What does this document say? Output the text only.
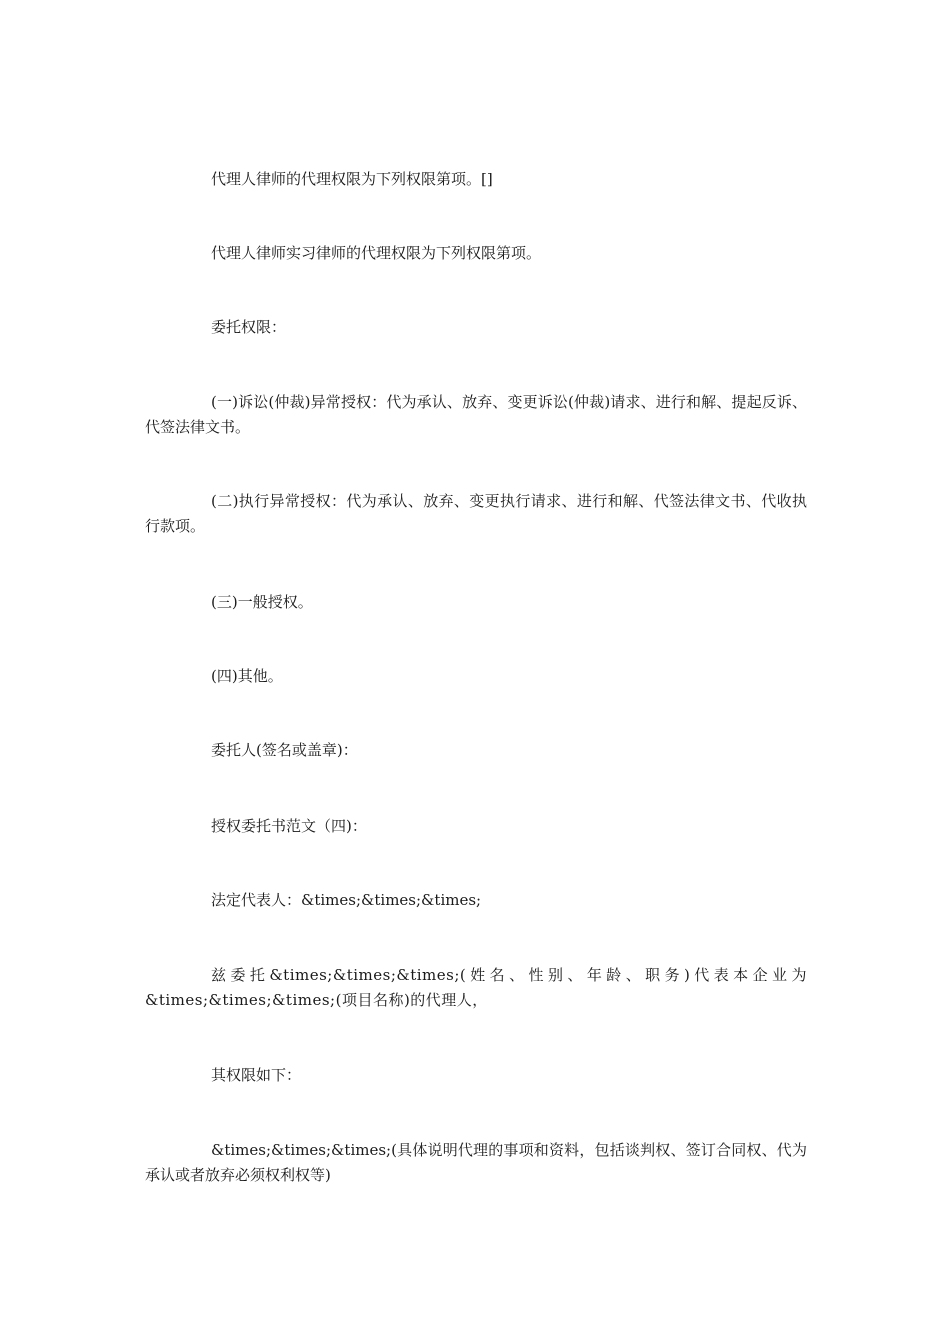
代理人律师的代理权限为下列权限第项。[]

代理人律师实习律师的代理权限为下列权限第项。

委托权限：

(一)诉讼(仲裁)异常授权：代为承认、放弃、变更诉讼(仲裁)请求、进行和解、提起反诉、代签法律文书。

(二)执行异常授权：代为承认、放弃、变更执行请求、进行和解、代签法律文书、代收执行款项。

(三)一般授权。

(四)其他。

委托人(签名或盖章)：

授权委托书范文（四)：

法定代表人：&times;&times;&times;

兹委托&times;&times;&times;(姓名、性别、年龄、职务)代表本企业为&times;&times;&times;(项目名称)的代理人，

其权限如下：

&times;&times;&times;(具体说明代理的事项和资料，包括谈判权、签订合同权、代为承认或者放弃必须权利权等)
